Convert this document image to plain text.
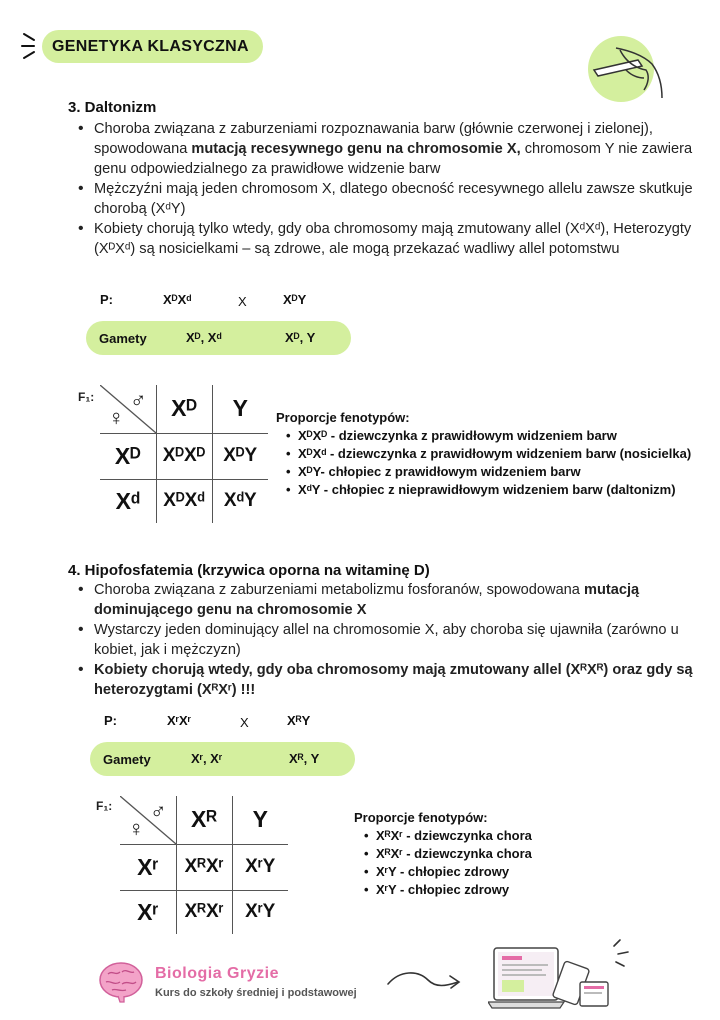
GENETYKA KLASYCZNA
3. Daltonizm
• Choroba związana z zaburzeniami rozpoznawania barw (głównie czerwonej i zielonej), spowodowana mutacją recesywnego genu na chromosomie X, chromosom Y nie zawiera genu odpowiedzialnego za prawidłowe widzenie barw
• Mężczyźni mają jeden chromosom X, dlatego obecność recesywnego allelu zawsze skutkuje chorobą (XᵈY)
• Kobiety chorują tylko wtedy, gdy oba chromosomy mają zmutowany allel (XᵈXᵈ), Heterozygty (XᴰXᵈ) są nosicielkami – są zdrowe, ale mogą przekazać wadliwy allel potomstwu
P:	XᴰXᵈ	X	XᴰY
Gamety	Xᴰ, Xᵈ	Xᴰ, Y
F₁: ♂
♀	Xᴰ	Y
Xᴰ	XᴰXᴰ	XᴰY
Xᵈ	XᴰXᵈ	XᵈY
Proporcje fenotypów:
• XᴰXᴰ - dziewczynka z prawidłowym widzeniem barw
• XᴰXᵈ - dziewczynka z prawidłowym widzeniem barw (nosicielka)
• XᴰY- chłopiec z prawidłowym widzeniem barw
• XᵈY - chłopiec z nieprawidłowym widzeniem barw (daltonizm)
4. Hipofosfatemia (krzywica oporna na witaminę D)
• Choroba związana z zaburzeniami metabolizmu fosforanów, spowodowana mutacją dominującego genu na chromosomie X
• Wystarczy jeden dominujący allel na chromosomie X, aby choroba się ujawniła (zarówno u kobiet, jak i mężczyzn)
• Kobiety chorują wtedy, gdy oba chromosomy mają zmutowany allel (XᴿXᴿ) oraz gdy są heterozygtami (XᴿXʳ) !!!
P:	XʳXʳ	X	XᴿY
Gamety	Xʳ, Xʳ	Xᴿ, Y
F₁: ♂
♀	Xᴿ	Y
Xʳ	XᴿXʳ	XʳY
Xʳ	XᴿXʳ	XʳY
Proporcje fenotypów:
• XᴿXʳ - dziewczynka chora
• XᴿXʳ - dziewczynka chora
• XʳY - chłopiec zdrowy
• XʳY - chłopiec zdrowy
Biologia Gryzie
Kurs do szkoły średniej i podstawowej
